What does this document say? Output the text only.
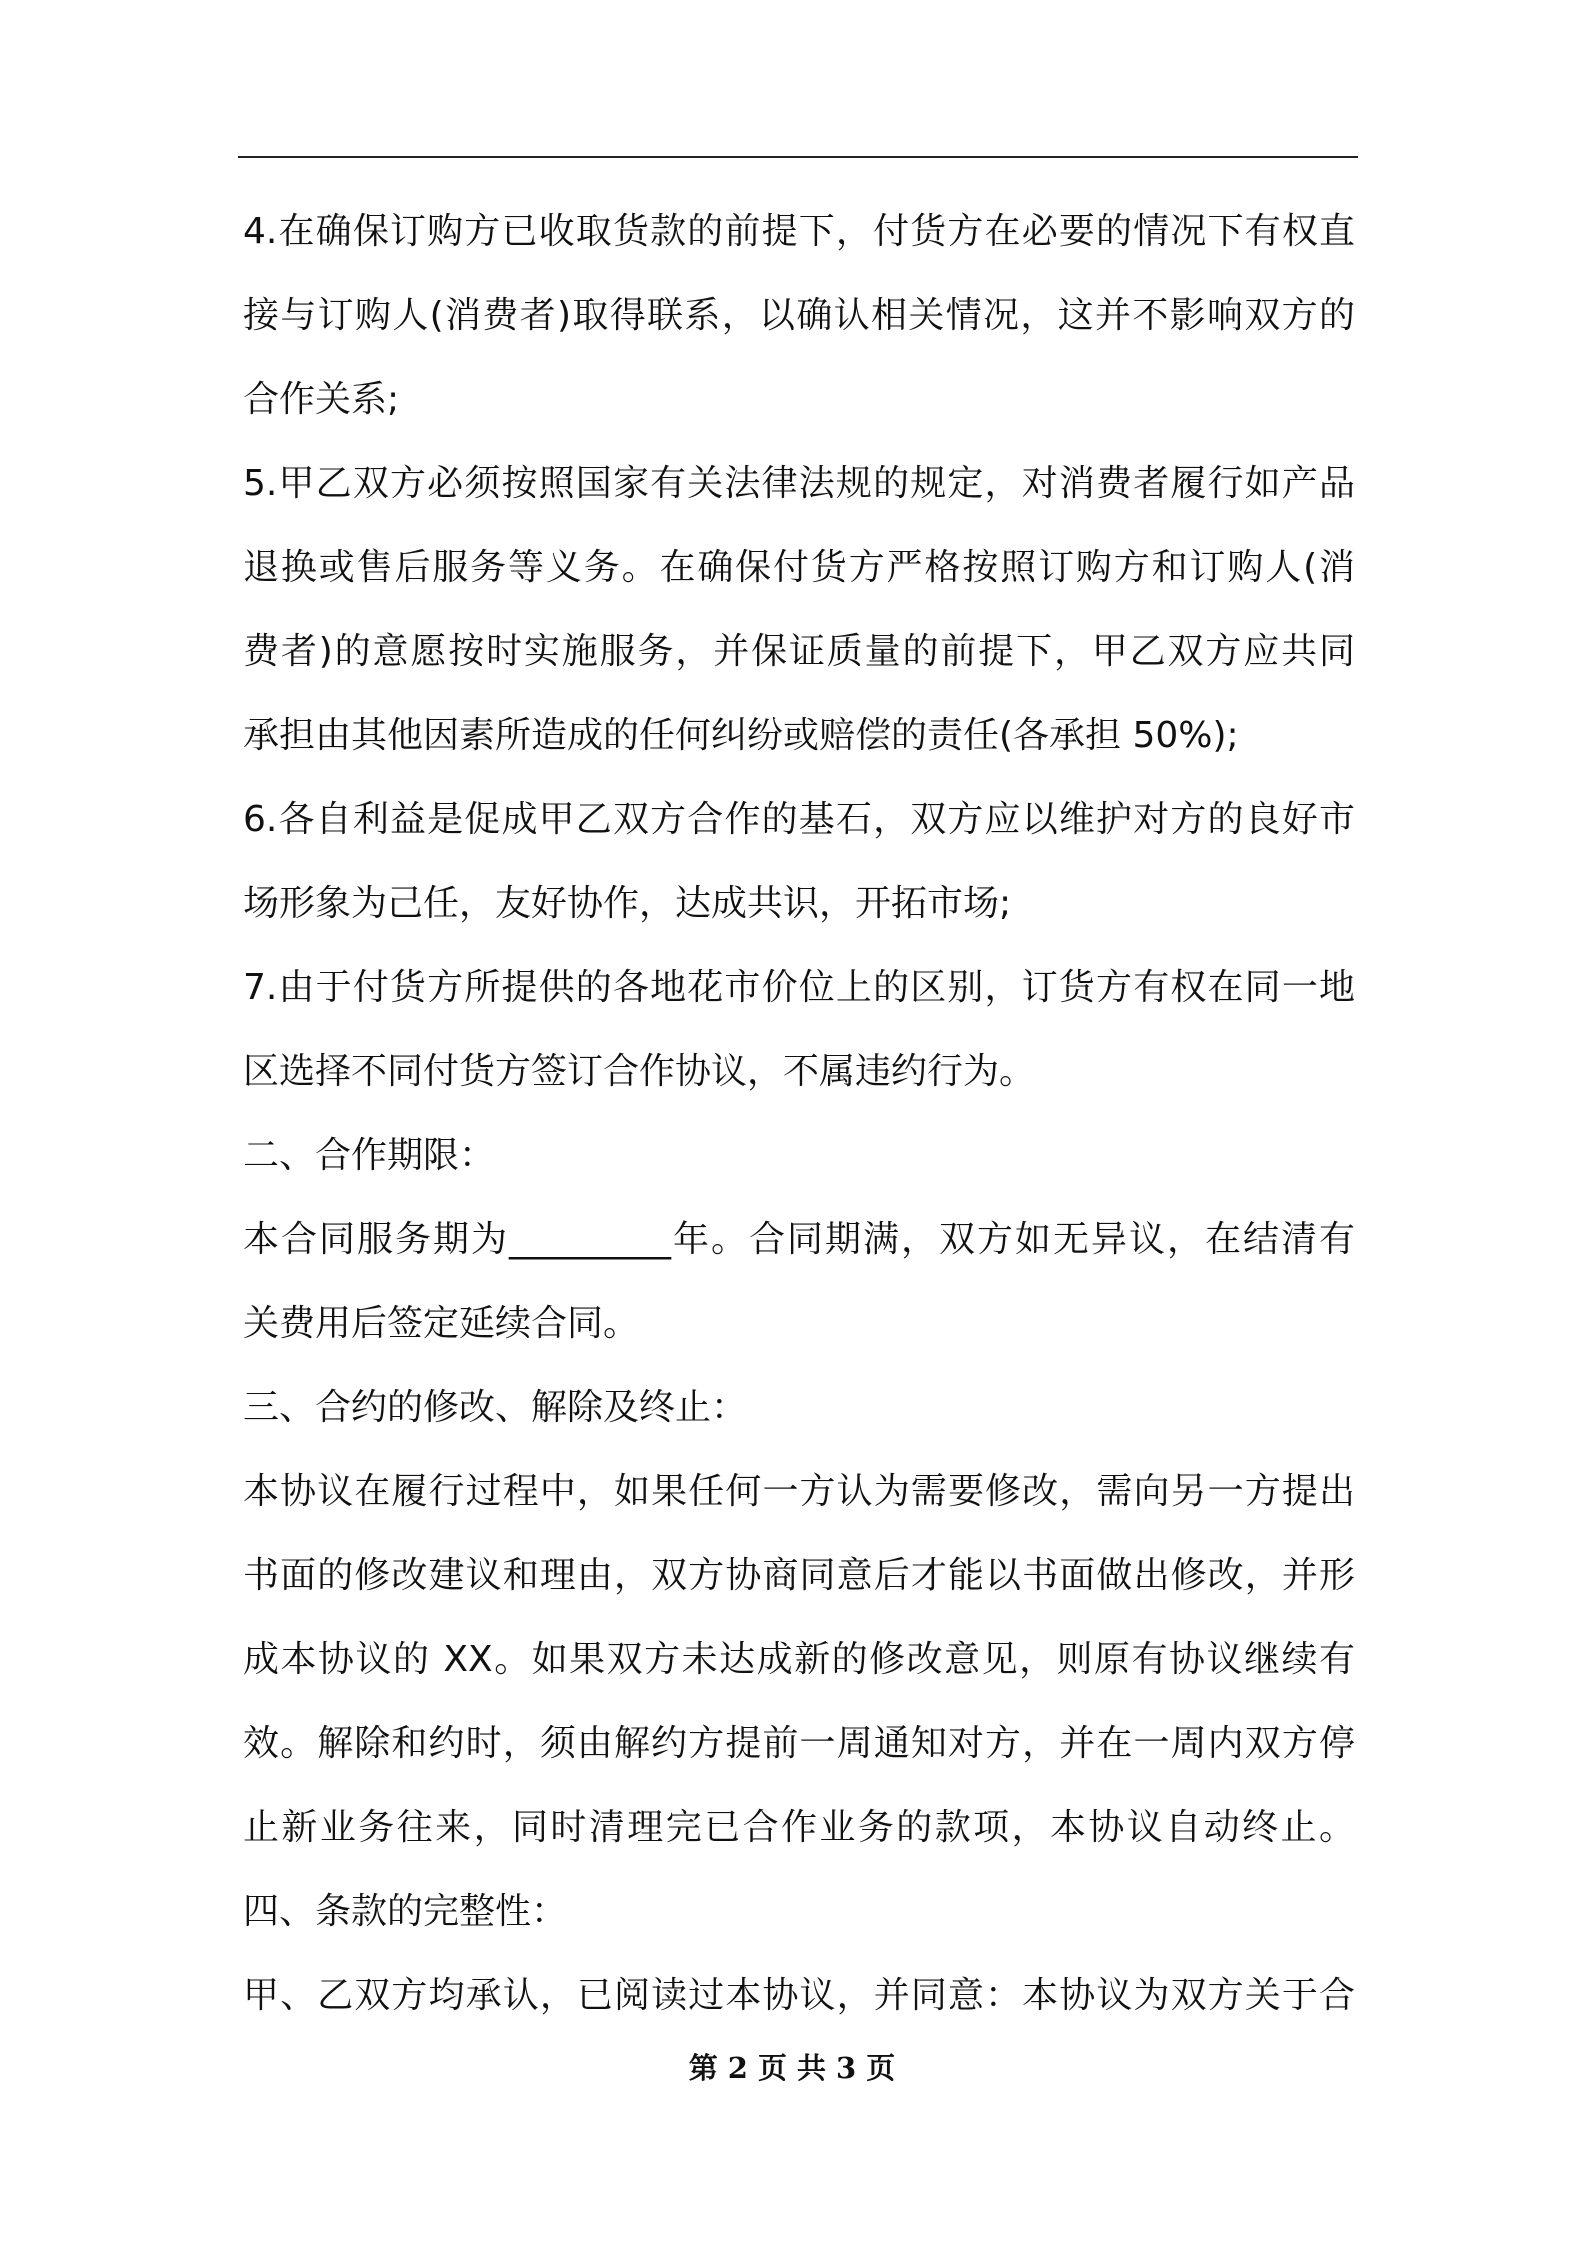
4.在确保订购方已收取货款的前提下，付货方在必要的情况下有权直
接与订购人(消费者)取得联系，以确认相关情况，这并不影响双方的
合作关系;
5.甲乙双方必须按照国家有关法律法规的规定，对消费者履行如产品
退换或售后服务等义务。在确保付货方严格按照订购方和订购人(消
费者)的意愿按时实施服务，并保证质量的前提下，甲乙双方应共同
承担由其他因素所造成的任何纠纷或赔偿的责任(各承担 50%);
6.各自利益是促成甲乙双方合作的基石，双方应以维护对方的良好市
场形象为己任，友好协作，达成共识，开拓市场;
7.由于付货方所提供的各地花市价位上的区别，订货方有权在同一地
区选择不同付货方签订合作协议，不属违约行为。
二、合作期限：
本合同服务期为_________年。合同期满，双方如无异议，在结清有
关费用后签定延续合同。
三、合约的修改、解除及终止：
本协议在履行过程中，如果任何一方认为需要修改，需向另一方提出
书面的修改建议和理由，双方协商同意后才能以书面做出修改，并形
成本协议的 XX。如果双方未达成新的修改意见，则原有协议继续有
效。解除和约时，须由解约方提前一周通知对方，并在一周内双方停
止新业务往来，同时清理完已合作业务的款项，本协议自动终止。
四、条款的完整性：
甲、乙双方均承认，已阅读过本协议，并同意：本协议为双方关于合
第 2 页 共 3 页
